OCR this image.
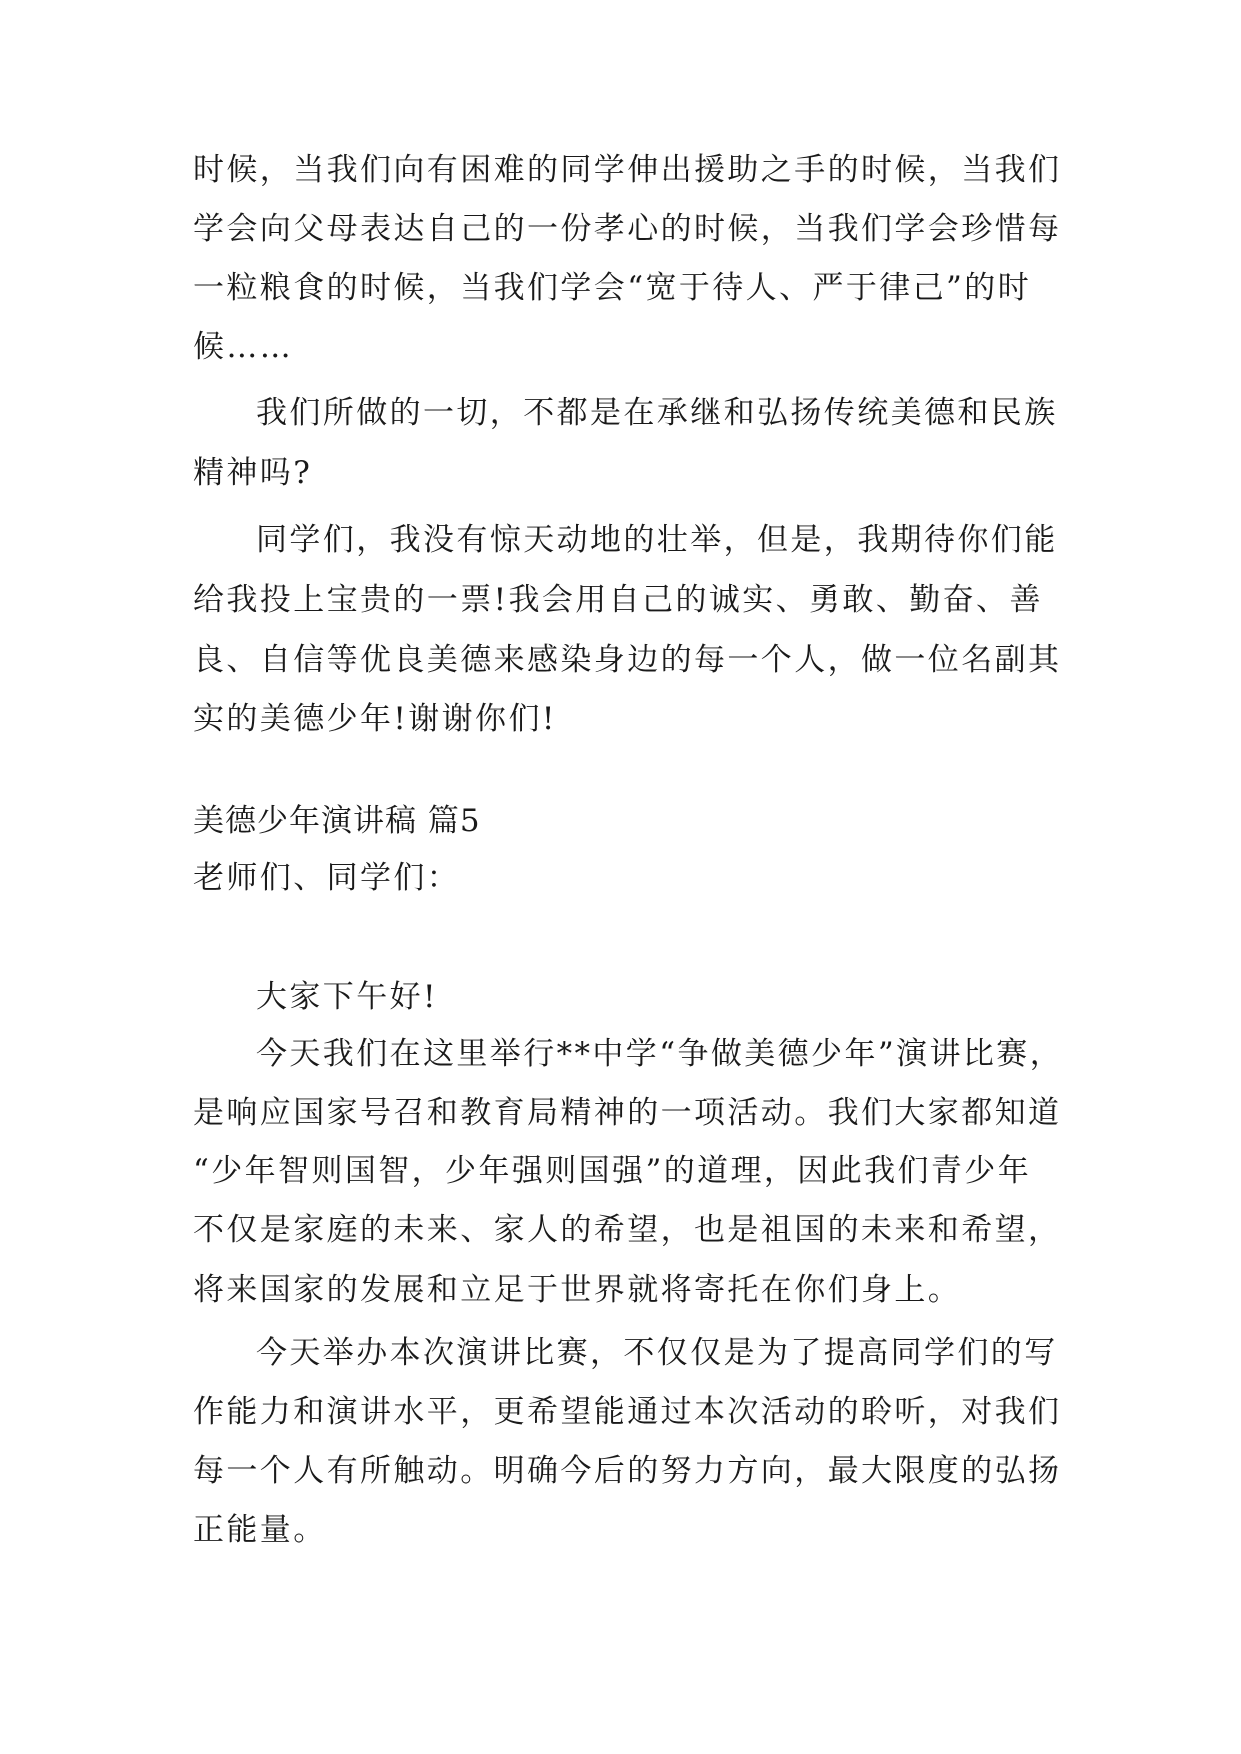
时候，当我们向有困难的同学伸出援助之手的时候，当我们

学会向父母表达自己的一份孝心的时候，当我们学会珍惜每

一粒粮食的时候，当我们学会“宽于待人、严于律己”的时

候……

我们所做的一切，不都是在承继和弘扬传统美德和民族

精神吗?

同学们，我没有惊天动地的壮举，但是，我期待你们能

给我投上宝贵的一票!我会用自己的诚实、勇敢、勤奋、善

良、自信等优良美德来感染身边的每一个人，做一位名副其

实的美德少年!谢谢你们!

美德少年演讲稿 篇5

老师们、同学们：

大家下午好!

今天我们在这里举行**中学“争做美德少年”演讲比赛，

是响应国家号召和教育局精神的一项活动。我们大家都知道

“少年智则国智，少年强则国强”的道理，因此我们青少年

不仅是家庭的未来、家人的希望，也是祖国的未来和希望，

将来国家的发展和立足于世界就将寄托在你们身上。

今天举办本次演讲比赛，不仅仅是为了提高同学们的写

作能力和演讲水平，更希望能通过本次活动的聆听，对我们

每一个人有所触动。明确今后的努力方向，最大限度的弘扬

正能量。
